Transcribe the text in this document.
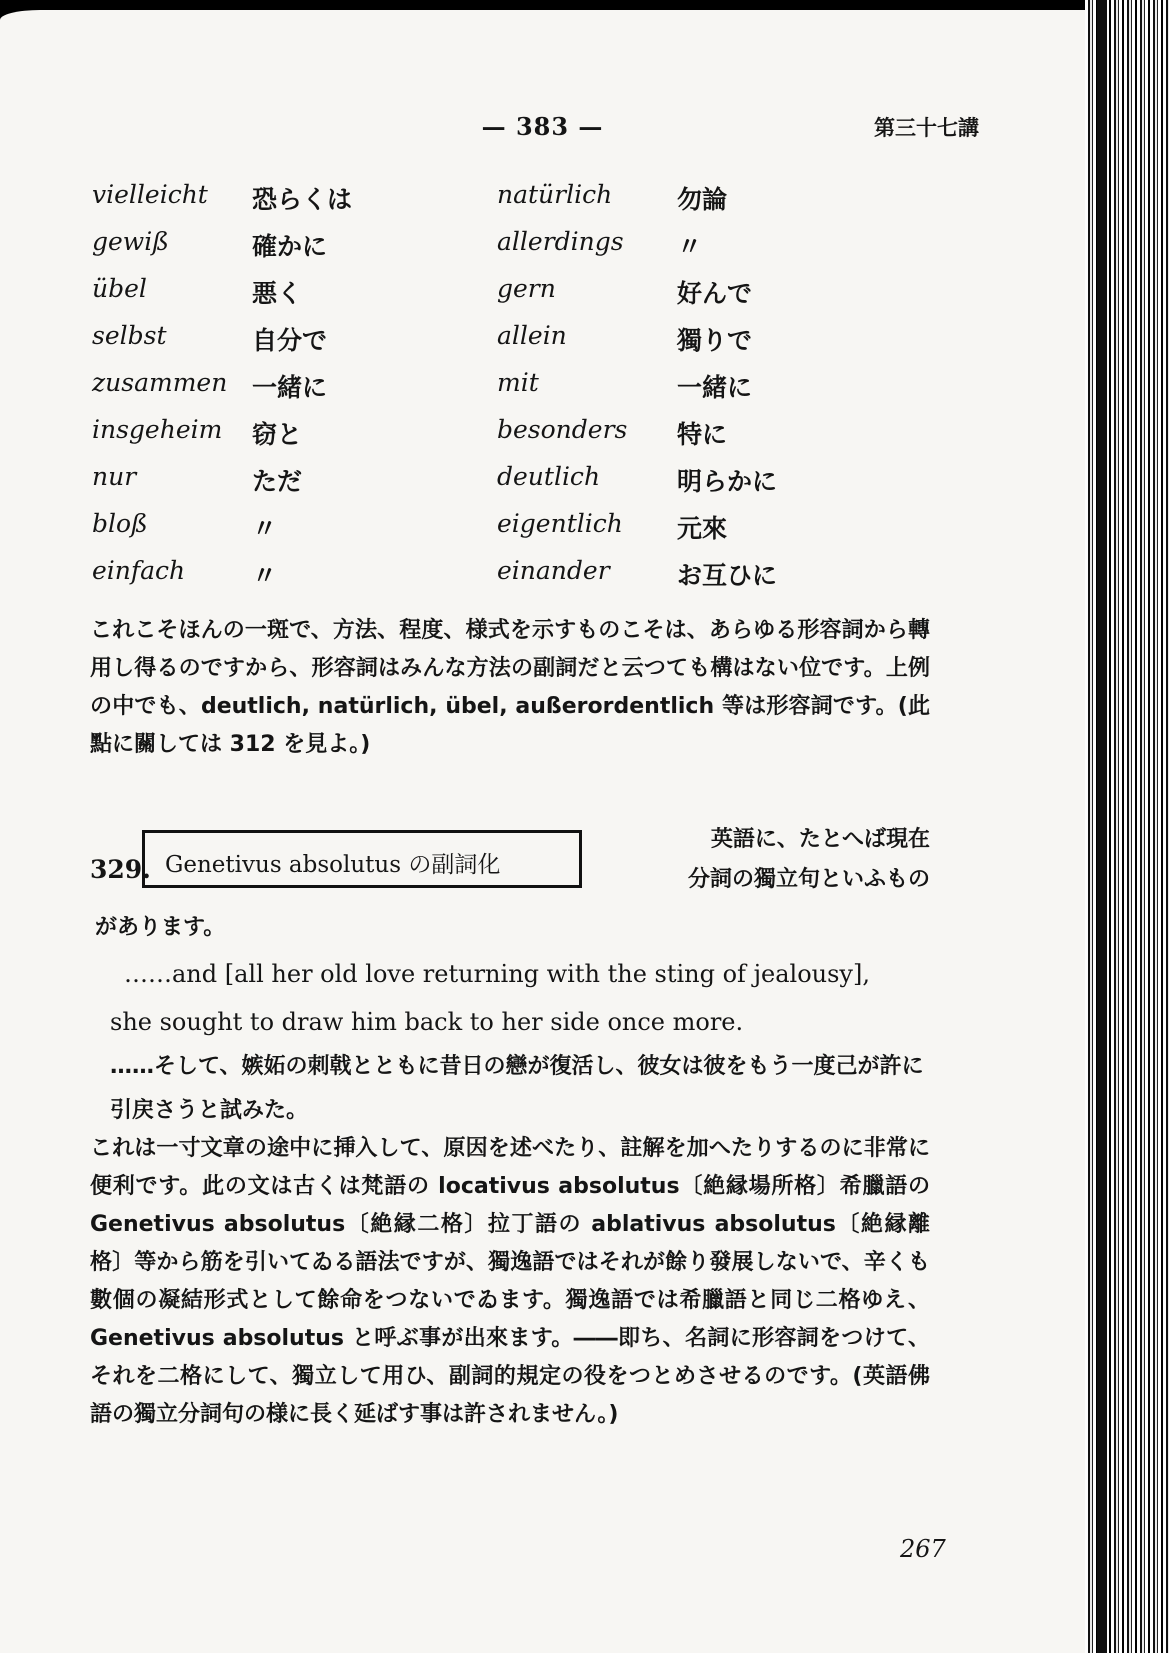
— 383 —	第三十七講
vielleicht 恐らくは	natürlich	勿論
gewiß	確かに	allerdings 〃
übel	悪く	gern	好んで
selbst	自分で	allein	獨りで
zusammen 一緒に	mit	一緒に
insgeheim 窃と	besonders 特に
nur	ただ	deutlich	明らかに
bloß	〃	eigentlich 元來
einfach	〃	einander	お互ひに
これこそほんの一斑で、方法、程度、様式を示すものこそは、あらゆる形容詞から轉用し得るのですから、形容詞はみんな方法の副詞だと云つても構はない位です。上例の中でも、deutlich, natürlich, übel, außerordentlich 等は形容詞です。(此點に關しては 312 を見よ。)
329. Genetivus absolutus の副詞化
英語に、たとへば現在
分詞の獨立句といふもの
があります。
……and [all her old love returning with the sting of jealousy],
she sought to draw him back to her side once more.
……そして、嫉妬の刺戟とともに昔日の戀が復活し、彼女は彼をもう一度己が許に引戻さうと試みた。
これは一寸文章の途中に挿入して、原因を述べたり、註解を加へたりするのに非常に便利です。此の文は古くは梵語の locativus absolutus〔絶縁場所格〕希臘語の Genetivus absolutus〔絶縁二格〕拉丁語の ablativus absolutus〔絶縁離格〕等から筋を引いてゐる語法ですが、獨逸語ではそれが餘り發展しないで、辛くも數個の凝結形式として餘命をつないでゐます。獨逸語では希臘語と同じ二格ゆえ、Genetivus absolutus と呼ぶ事が出來ます。――即ち、名詞に形容詞をつけて、それを二格にして、獨立して用ひ、副詞的規定の役をつとめさせるのです。(英語佛語の獨立分詞句の様に長く延ばす事は許されません。)
267
